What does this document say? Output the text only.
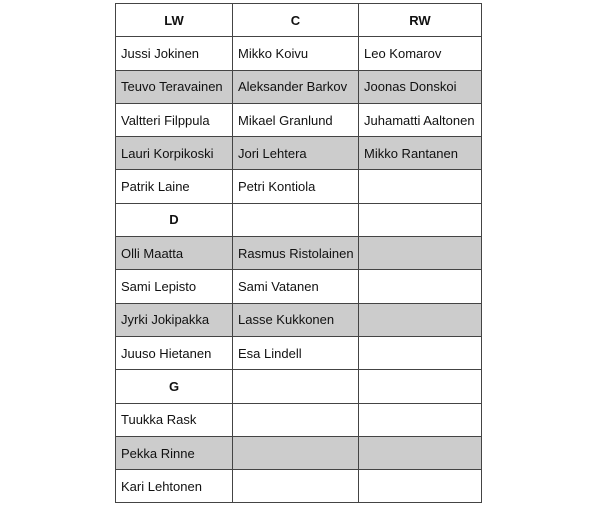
LW	C	RW
Jussi Jokinen	Mikko Koivu	Leo Komarov
Teuvo Teravainen	Aleksander Barkov	Joonas Donskoi
Valtteri Filppula	Mikael Granlund	Juhamatti Aaltonen
Lauri Korpikoski	Jori Lehtera	Mikko Rantanen
Patrik Laine	Petri Kontiola	
D		
Olli Maatta	Rasmus Ristolainen	
Sami Lepisto	Sami Vatanen	
Jyrki Jokipakka	Lasse Kukkonen	
Juuso Hietanen	Esa Lindell	
G		
Tuukka Rask		
Pekka Rinne		
Kari Lehtonen		
